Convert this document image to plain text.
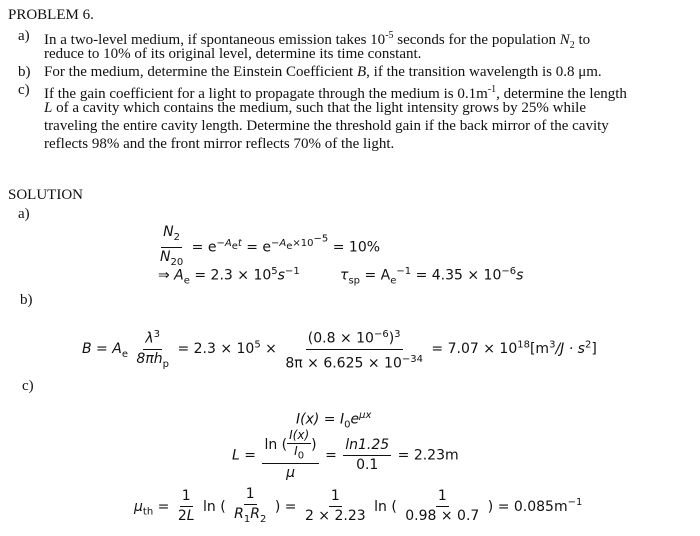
PROBLEM 6.
a) In a two-level medium, if spontaneous emission takes $10^{-5}$ seconds for the population $N_2$ to
reduce to 10% of its original level, determine its time constant.
b) For the medium, determine the Einstein Coefficient B, if the transition wavelength is 0.8 μm.
c) If the gain coefficient for a light to propagate through the medium is $0.1m^{-1}$, determine the length
L of a cavity which contains the medium, such that the light intensity grows by 25% while
traveling the entire cavity length. Determine the threshold gain if the back mirror of the cavity
reflects 98% and the front mirror reflects 70% of the light.
SOLUTION
a)
$\frac{N_2}{N_{20}} = e^{-A_et} = e^{-A_e\times 10^{-5}} = 10\%$
⇒ $A_e = 2.3 \times 10^5s^{-1}$	$\tau_{sp} = A_e^{-1} = 4.35 \times 10^{-6}s$
b)
$B = A_e \frac{\lambda^3}{8\pi h_p} = 2.3 \times 10^5 \times \frac{(0.8 \times 10^{-6})^3}{8\pi \times 6.625 \times 10^{-34}} = 7.07 \times 10^{18}[m^3/J \cdot s^2]$
c)
$I(x) = I_0e^{\mu x}$
$L = \frac{\ln ( \frac{I(x)}{I_0} )}{\mu} = \frac{\ln 1.25}{0.1} = 2.23m$
$\mu_{th} = \frac{1}{2L}$ ln ( $\frac{1}{R_1R_2}$ ) = $\frac{1}{2 \times 2.23}$ ln ( $\frac{1}{0.98 \times 0.7}$ ) = $0.085m^{-1}$
